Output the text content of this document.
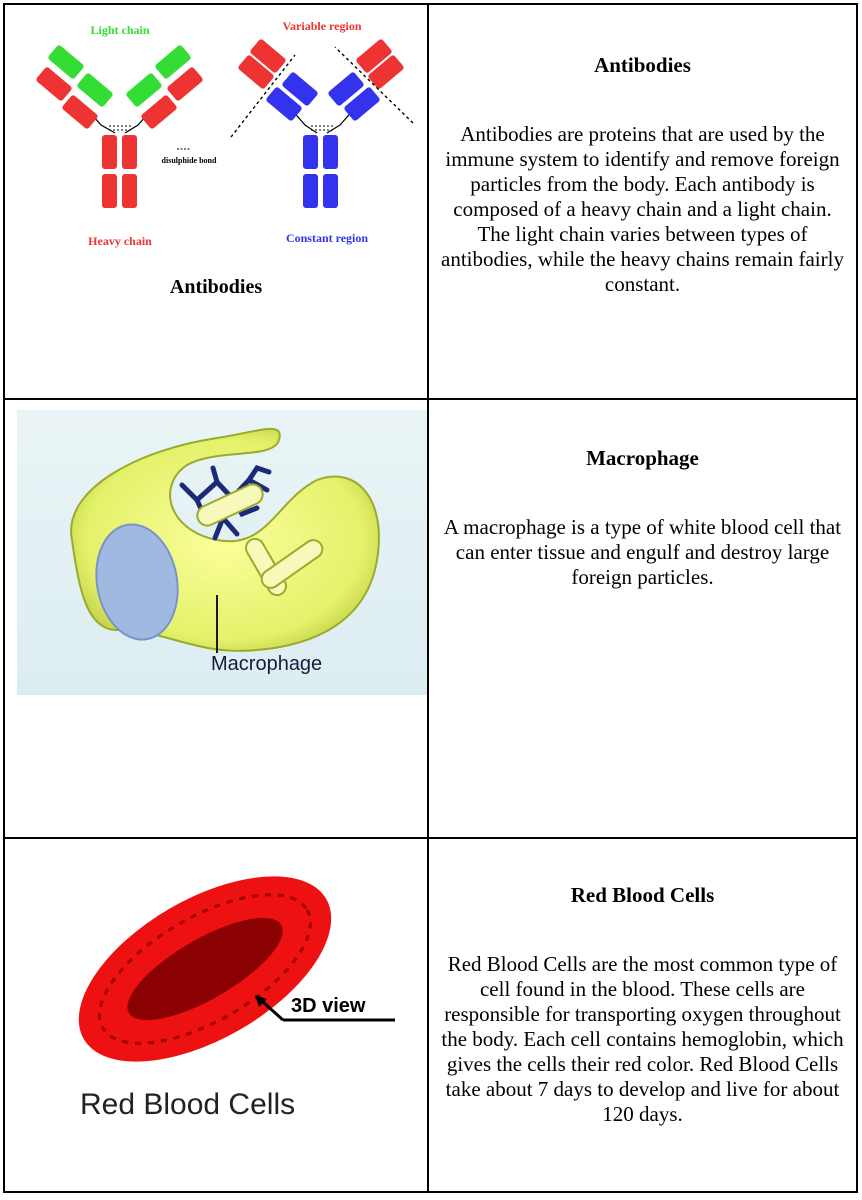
Light chain	Variable region
disulphide bond
Heavy chain	Constant region
Antibodies
Antibodies
Antibodies are proteins that are used by the immune system to identify and remove foreign particles from the body. Each antibody is composed of a heavy chain and a light chain. The light chain varies between types of antibodies, while the heavy chains remain fairly constant.
Macrophage
Macrophage
A macrophage is a type of white blood cell that can enter tissue and engulf and destroy large foreign particles.
3D view
Red Blood Cells
Red Blood Cells
Red Blood Cells are the most common type of cell found in the blood. These cells are responsible for transporting oxygen throughout the body. Each cell contains hemoglobin, which gives the cells their red color. Red Blood Cells take about 7 days to develop and live for about 120 days.
